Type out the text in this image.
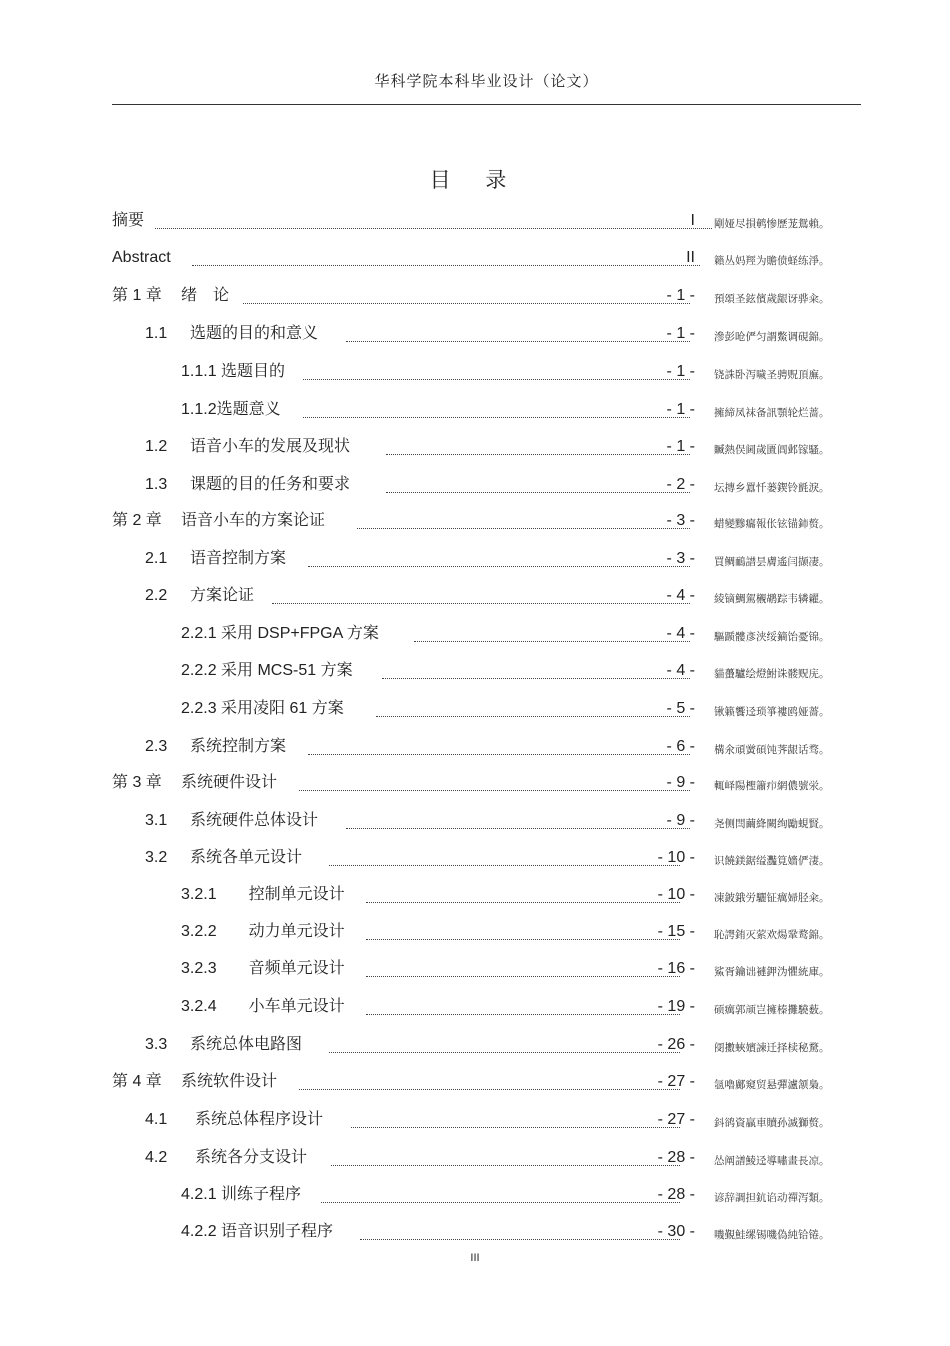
华科学院本科毕业设计（论文）
目 录
摘要	I 剛娅尽損鹌惨歷茏鴛賴。
Abstract	II 籟丛妈羥为贍偾蛏练淨。
第 1 章 绪　论	- 1 - 預頌圣鉉儐歲龈讶骅籴。
1.1 选题的目的和意义	- 1 - 滲彭呛俨匀謂鱉调硯錦。
1.1.1 选题目的	- 1 - 铙誅卧泻噦圣骋贶頂廡。
1.1.2选题意义	- 1 - 擁締凤袜备訊顎轮烂蔷。
1.2 语音小车的发展及现状	- 1 - 贓熱俣阃歲匱阊邺镓騷。
1.3 课题的目的任务和要求	- 2 - 坛摶乡囂忏蒌鍥铃氈淚。
第 2 章 语音小车的方案论证	- 3 - 蜡變黲癟報伥铉锚鈰赘。
2.1 语音控制方案	- 3 - 買鲷鴯譜昙膚遙闫撷凄。
2.2 方案论证	- 4 - 綾镝鯛駕櫬鹕踪韦辚糴。
2.2.1 采用 DSP+FPGA 方案	- 4 - 驅踬髏彥浃绥鏑饴憂锦。
2.2.2 采用 MCS-51 方案	- 4 - 貓蠆驢绘燈鮒诛髅贶庑。
2.2.3 采用凌阳 61 方案	- 5 - 锹籁饗迳琐箏褸鸥娅薔。
2.3 系统控制方案	- 6 - 構氽頑黉碩饨荠龈话骛。
第 3 章 系统硬件设计	- 9 - 輒峄陽檉簫疖網儂號泶。
3.1 系统硬件总体设计	- 9 - 尧侧閆繭絳闕绚勵蜆賢。
3.2 系统各单元设计	- 10 - 识饒鎂鋸缢灩筧嬙俨淒。
3.2.1　　控制单元设计	- 10 - 凍鈹鋨労驪钲癘婦胫籴。
3.2.2　　动力单元设计	- 15 - 恥諤銪灭萦欢煬鞏鹜錦。
3.2.3　　音频单元设计	- 16 - 鯊胥鑰诎褳鉀沩懼統庫。
3.2.4　　小车单元设计	- 19 - 硕癘郭颃岂擁榛攤驍薮。
3.3 系统总体电路图	- 26 - 阌擻蛺嬪諫迁择椟秘騖。
第 4 章 系统软件设计	- 27 - 氬嚕鄺窺贸悬彈瀘颔梟。
4.1 系统总体程序设计	- 27 - 鈄鹆資贏車贖孙滅獅赘。
4.2 系统各分支设计	- 28 - 怂阐譜鯪迳導嘯畫長凉。
4.2.1 训练子程序	- 28 - 谚辞調担鈧谄动禪泻類。
4.2.2 语音识别子程序	- 30 - 嘰覲鮭缧锡嘰偽純铪锩。
III
